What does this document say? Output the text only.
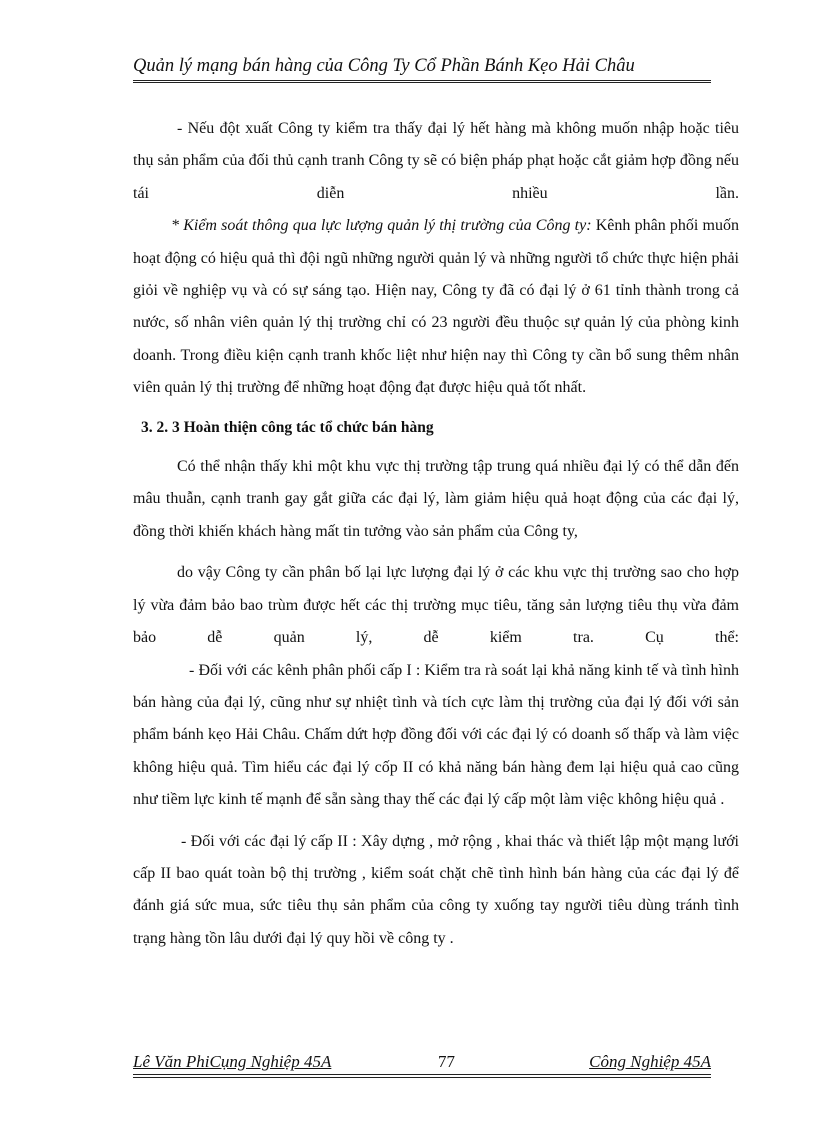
Quản lý mạng bán hàng của Công Ty Cổ Phần Bánh Kẹo Hải Châu

- Nếu đột xuất Công ty kiểm tra thấy đại lý hết hàng mà không muốn nhập hoặc tiêu thụ sản phẩm của đối thủ cạnh tranh Công ty sẽ có biện pháp phạt hoặc cắt giảm hợp đồng nếu tái diễn nhiều lần.

* Kiểm soát thông qua lực lượng quản lý thị trường của Công ty: Kênh phân phối muốn hoạt động có hiệu quả thì đội ngũ những người quản lý và những người tổ chức thực hiện phải giỏi về nghiệp vụ và có sự sáng tạo. Hiện nay, Công ty đã có đại lý ở 61 tỉnh thành trong cả nước, số nhân viên quản lý thị trường chỉ có 23 người đều thuộc sự quản lý của phòng kinh doanh. Trong điều kiện cạnh tranh khốc liệt như hiện nay thì Công ty cần bổ sung thêm nhân viên quản lý thị trường để những hoạt động đạt được hiệu quả tốt nhất.

3. 2. 3 Hoàn thiện công tác tổ chức bán hàng

Có thể nhận thấy khi một khu vực thị trường tập trung quá nhiều đại lý có thể dẫn đến mâu thuẫn, cạnh tranh gay gắt giữa các đại lý, làm giảm hiệu quả hoạt động của các đại lý, đồng thời khiến khách hàng mất tin tưởng vào sản phẩm của Công ty,

do vậy Công ty cần phân bố lại lực lượng đại lý ở các khu vực thị trường sao cho hợp lý vừa đảm bảo bao trùm được hết các thị trường mục tiêu, tăng sản lượng tiêu thụ vừa đảm bảo dễ quản lý, dễ kiểm tra. Cụ thể:

- Đối với các kênh phân phối cấp I : Kiểm tra rà soát lại khả năng kinh tế và tình hình bán hàng của đại lý, cũng như sự nhiệt tình và tích cực làm thị trường của đại lý đối với sản phẩm bánh kẹo Hải Châu. Chấm dứt hợp đồng đối với các đại lý có doanh số thấp và làm việc không hiệu quả. Tìm hiểu các đại lý cốp II có khả năng bán hàng đem lại hiệu quả cao cũng như tiềm lực kinh tế mạnh để sẵn sàng thay thế các đại lý cấp một làm việc không hiệu quả .

- Đối với các đại lý cấp II : Xây dựng , mở rộng , khai thác và thiết lập một mạng lưới cấp II bao quát toàn bộ thị trường , kiểm soát chặt chẽ tình hình bán hàng của các đại lý để đánh giá sức mua, sức tiêu thụ sản phẩm của công ty xuống tay người tiêu dùng tránh tình trạng hàng tồn lâu dưới đại lý quy hồi về công ty .

Lê Văn PhiCụng Nghiệp 45A	77	Công Nghiệp 45A
